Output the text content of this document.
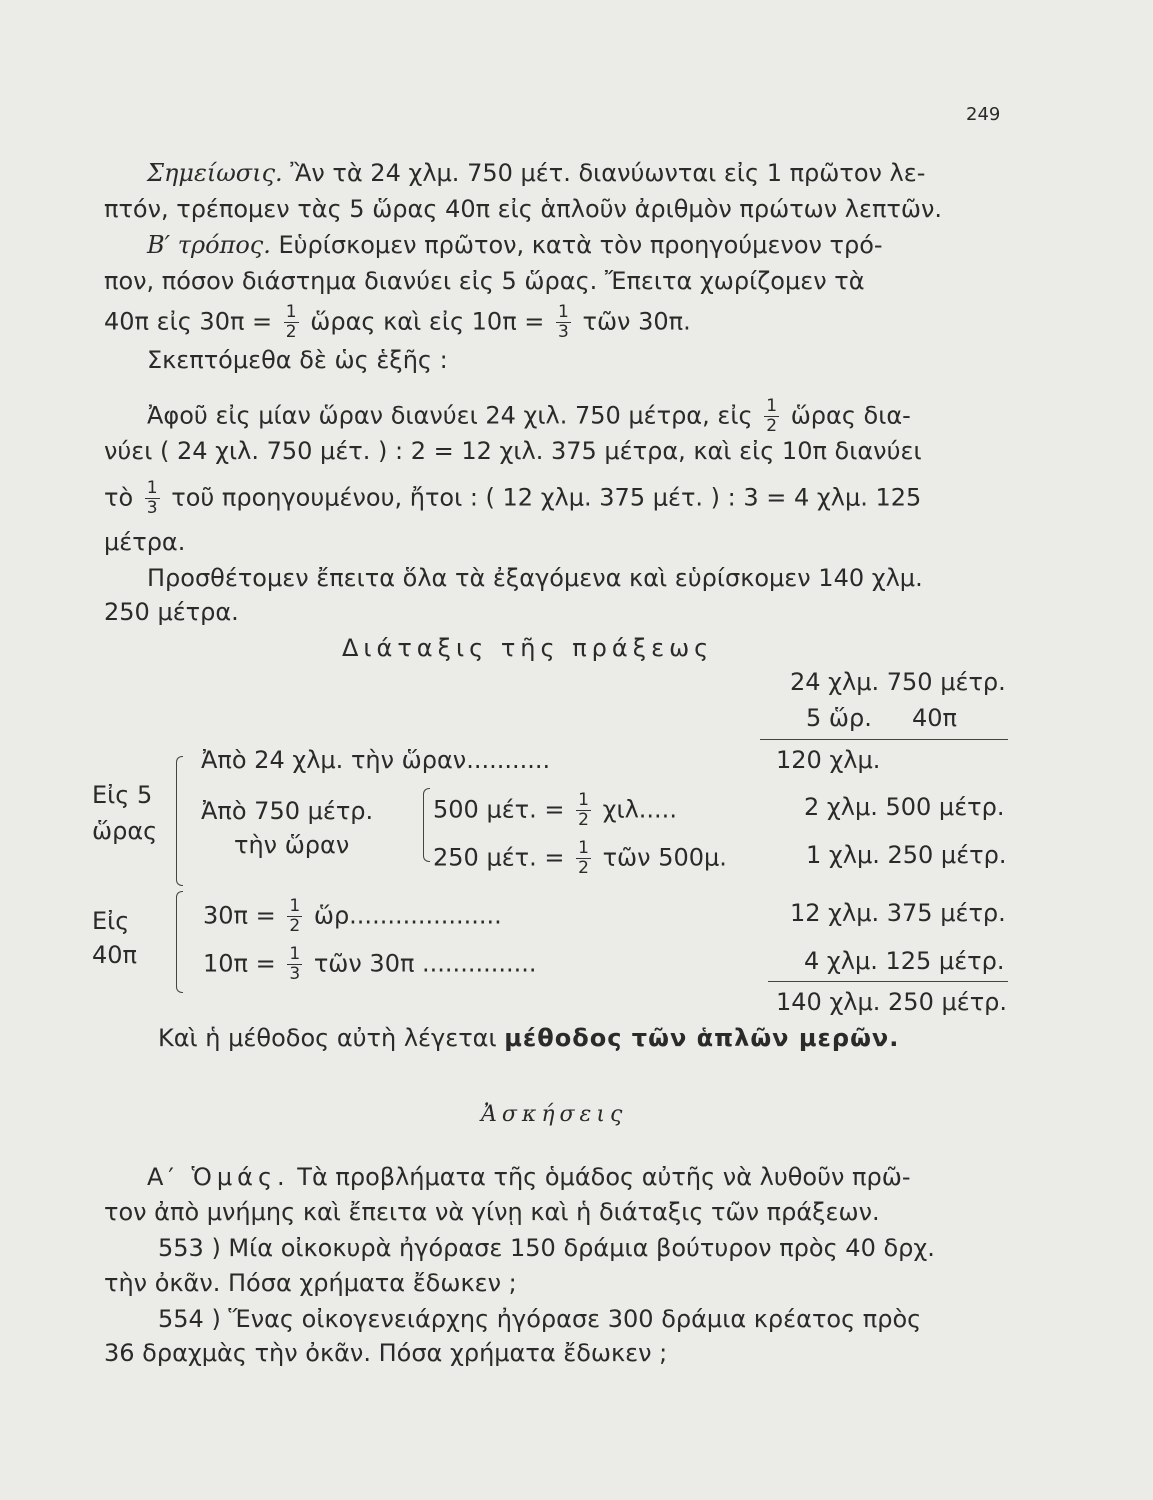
249
Σημείωσις. Ἂν τὰ 24 χλμ. 750 μέτ. διανύωνται εἰς 1 πρῶτον λε-
πτόν, τρέπομεν τὰς 5 ὥρας 40π εἰς ἁπλοῦν ἀριθμὸν πρώτων λεπτῶν.
Β′ τρόπος. Εὑρίσκομεν πρῶτον, κατὰ τὸν προηγούμενον τρό-
πον, πόσον διάστημα διανύει εἰς 5 ὥρας. Ἔπειτα χωρίζομεν τὰ
40π εἰς $30\pi = \frac{1}{2}$ ὥρας καὶ εἰς $10\pi = \frac{1}{3}$ τῶν 30π.
Σκεπτόμεθα δὲ ὡς ἑξῆς :
Ἀφοῦ εἰς μίαν ὥραν διανύει 24 χιλ. 750 μέτρα, εἰς $\frac{1}{2}$ ὥρας δια-
νύει ( 24 χιλ. 750 μέτ. ) : 2 = 12 χιλ. 375 μέτρα, καὶ εἰς 10π διανύει
τὸ $\frac{1}{3}$ τοῦ προηγουμένου, ἤτοι : ( 12 χλμ. 375 μέτ. ) : 3 = 4 χλμ. 125
μέτρα.
Προσθέτομεν ἔπειτα ὅλα τὰ ἐξαγόμενα καὶ εὑρίσκομεν 140 χλμ.
250 μέτρα.
Διάταξις τῆς πράξεως
24 χλμ. 750 μέτρ.
5 ὥρ. 40π
Εἰς 5
ὥρας
Ἀπὸ 24 χλμ. τὴν ὥραν...........	120 χλμ.
Ἀπὸ 750 μέτρ.
τὴν ὥραν
500 μέτ. = $\frac{1}{2} \chi\iota\lambda$.....	2 χλμ. 500 μέτρ.
250 μέτ. = $\frac{1}{2}$ τῶν 500μ.	1 χλμ. 250 μέτρ.
Εἰς
40π
$30\pi = \frac{1}{2}$ ὥρ....................	12 χλμ. 375 μέτρ.
$10\pi = \frac{1}{3}$ τῶν 30π ...............	4 χλμ. 125 μέτρ.
140 χλμ. 250 μέτρ.
Καὶ ἡ μέθοδος αὐτὴ λέγεται μέθοδος τῶν ἁπλῶν μερῶν.
Ἀσκήσεις
Α′ Ὁμάς. Τὰ προβλήματα τῆς ὁμάδος αὐτῆς νὰ λυθοῦν πρῶ-
τον ἀπὸ μνήμης καὶ ἔπειτα νὰ γίνῃ καὶ ἡ διάταξις τῶν πράξεων.
553 ) Μία οἰκοκυρὰ ἠγόρασε 150 δράμια βούτυρον πρὸς 40 δρχ.
τὴν ὀκᾶν. Πόσα χρήματα ἔδωκεν ;
554 ) Ἕνας οἰκογενειάρχης ἠγόρασε 300 δράμια κρέατος πρὸς
36 δραχμὰς τὴν ὀκᾶν. Πόσα χρήματα ἔδωκεν ;
